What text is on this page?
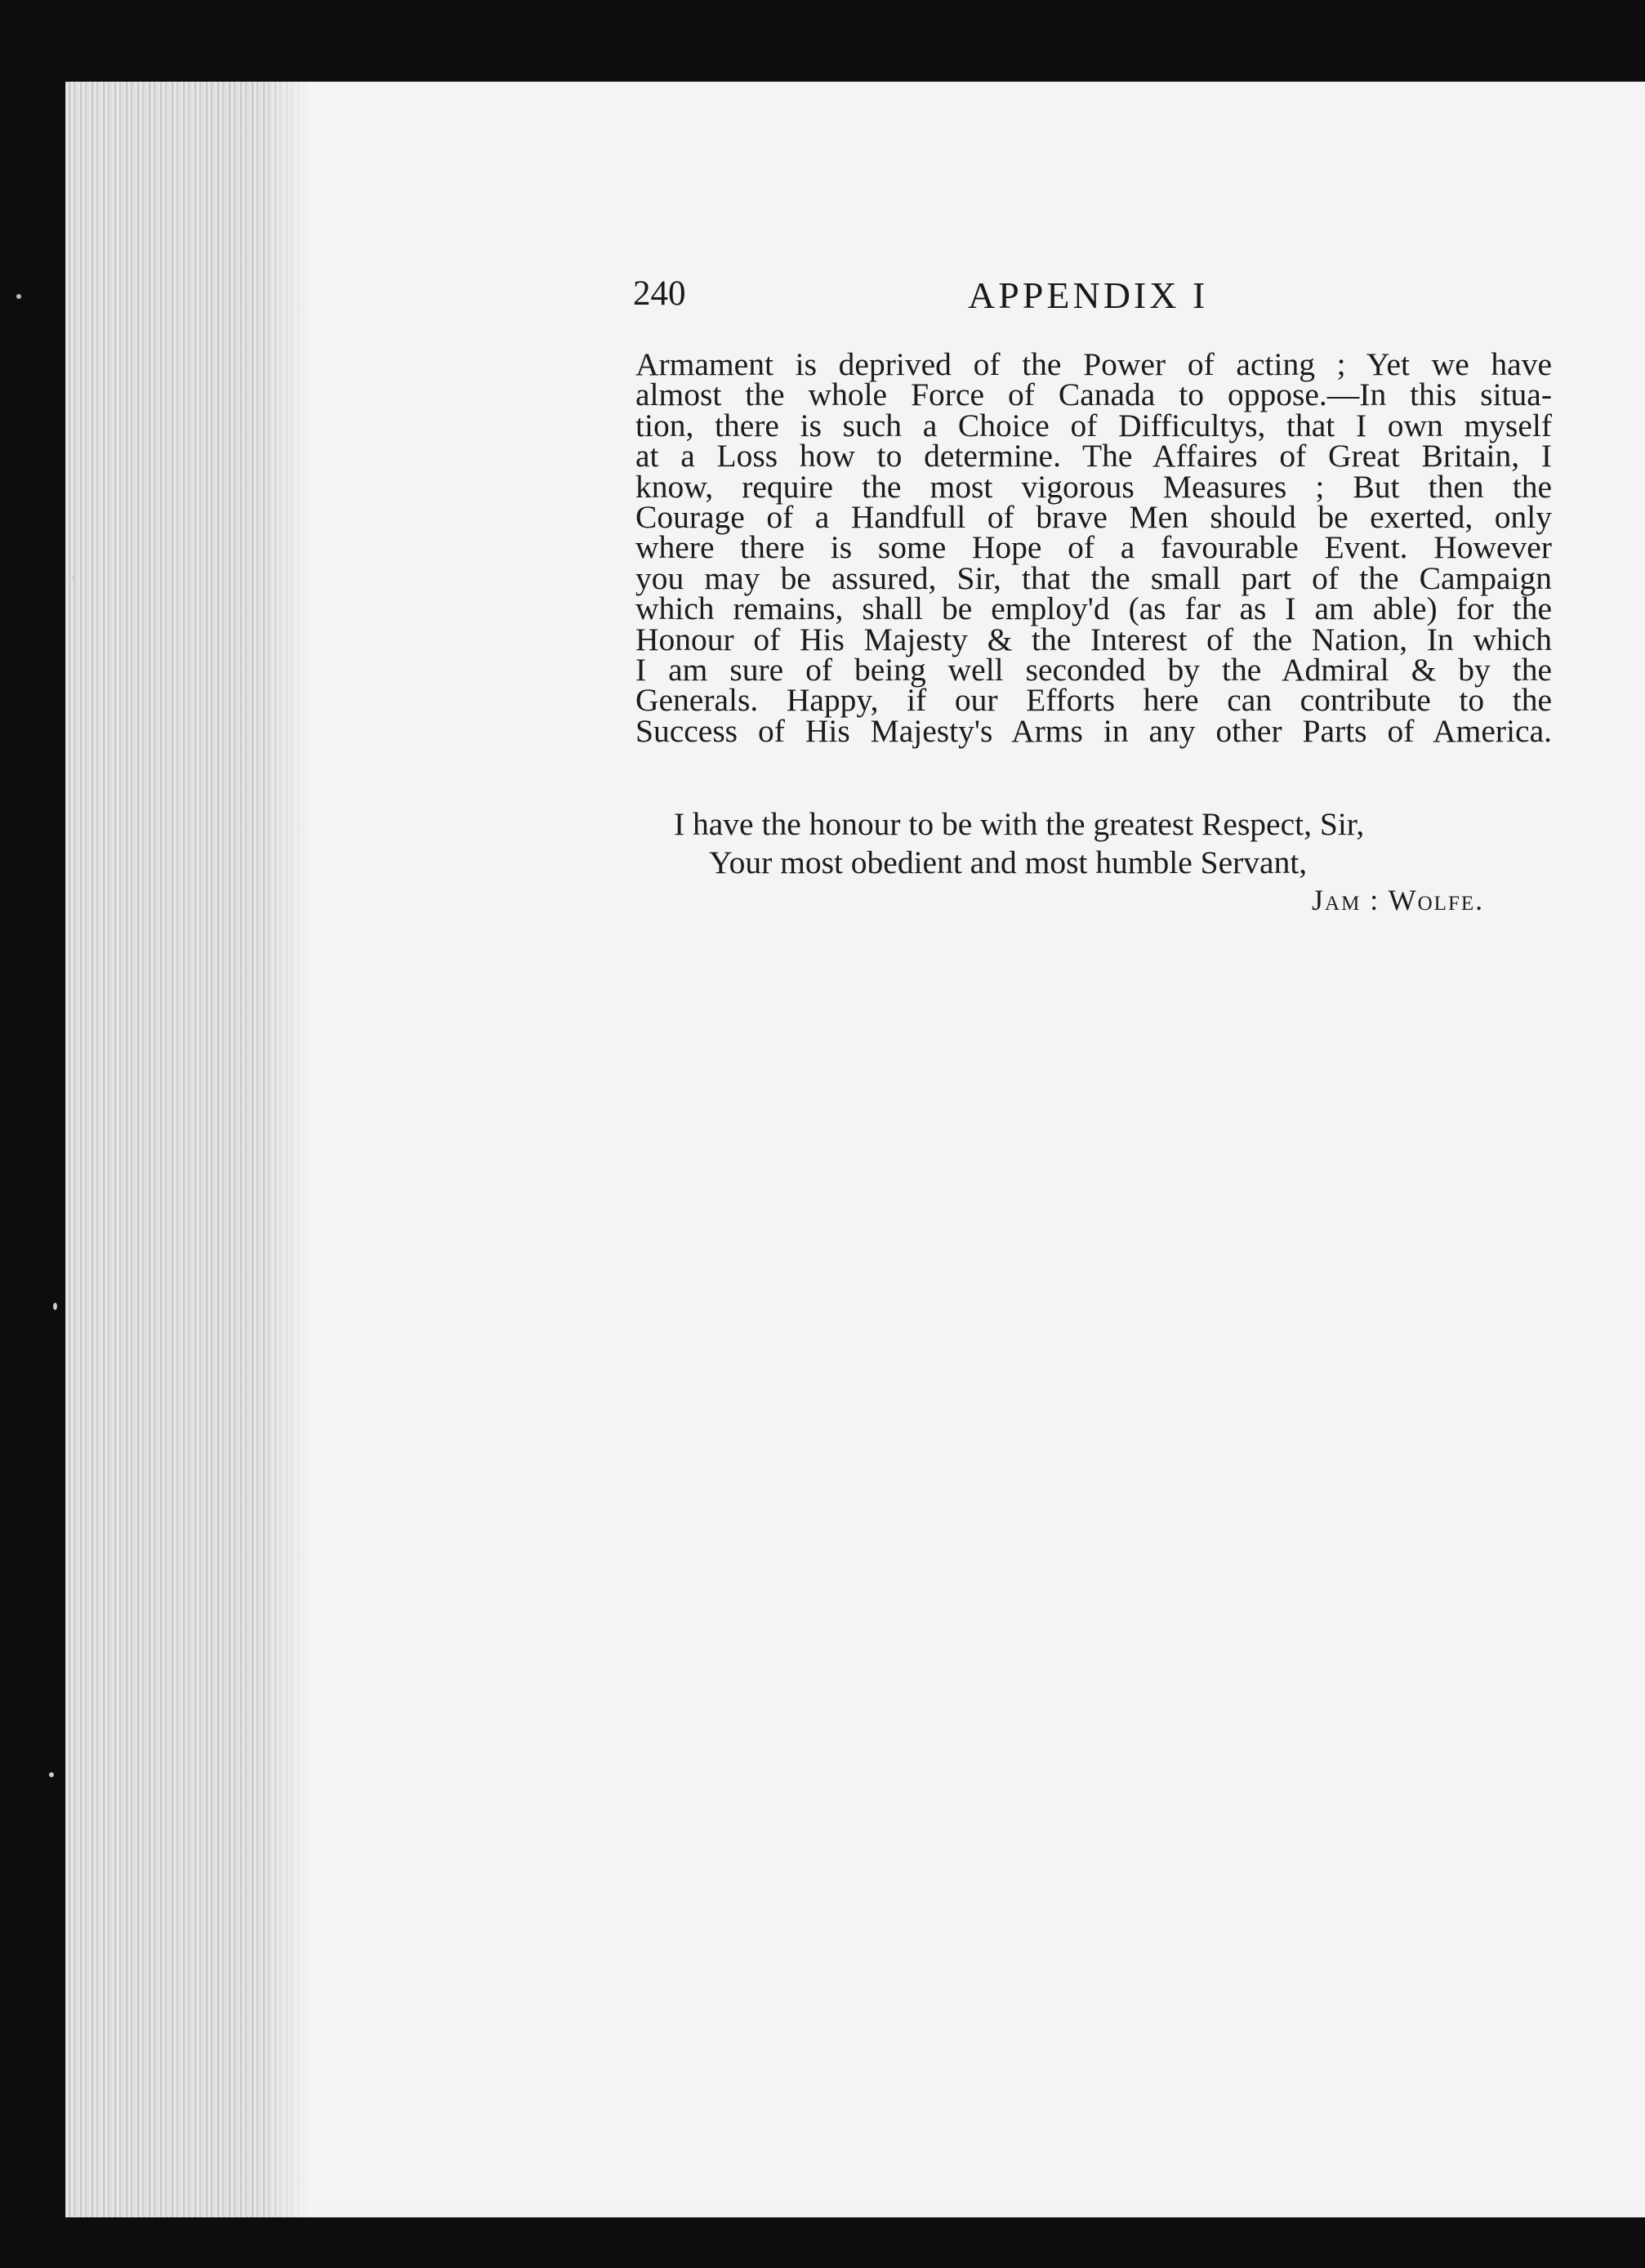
240	APPENDIX I
Armament is deprived of the Power of acting ; Yet we have
almost the whole Force of Canada to oppose.—In this situa-
tion, there is such a Choice of Difficultys, that I own myself
at a Loss how to determine. The Affaires of Great Britain, I
know, require the most vigorous Measures ; But then the
Courage of a Handfull of brave Men should be exerted, only
where there is some Hope of a favourable Event. However
you may be assured, Sir, that the small part of the Campaign
which remains, shall be employ'd (as far as I am able) for the
Honour of His Majesty & the Interest of the Nation, In which
I am sure of being well seconded by the Admiral & by the
Generals. Happy, if our Efforts here can contribute to the
Success of His Majesty's Arms in any other Parts of America.
I have the honour to be with the greatest Respect, Sir,
Your most obedient and most humble Servant,
Jam : Wolfe.
